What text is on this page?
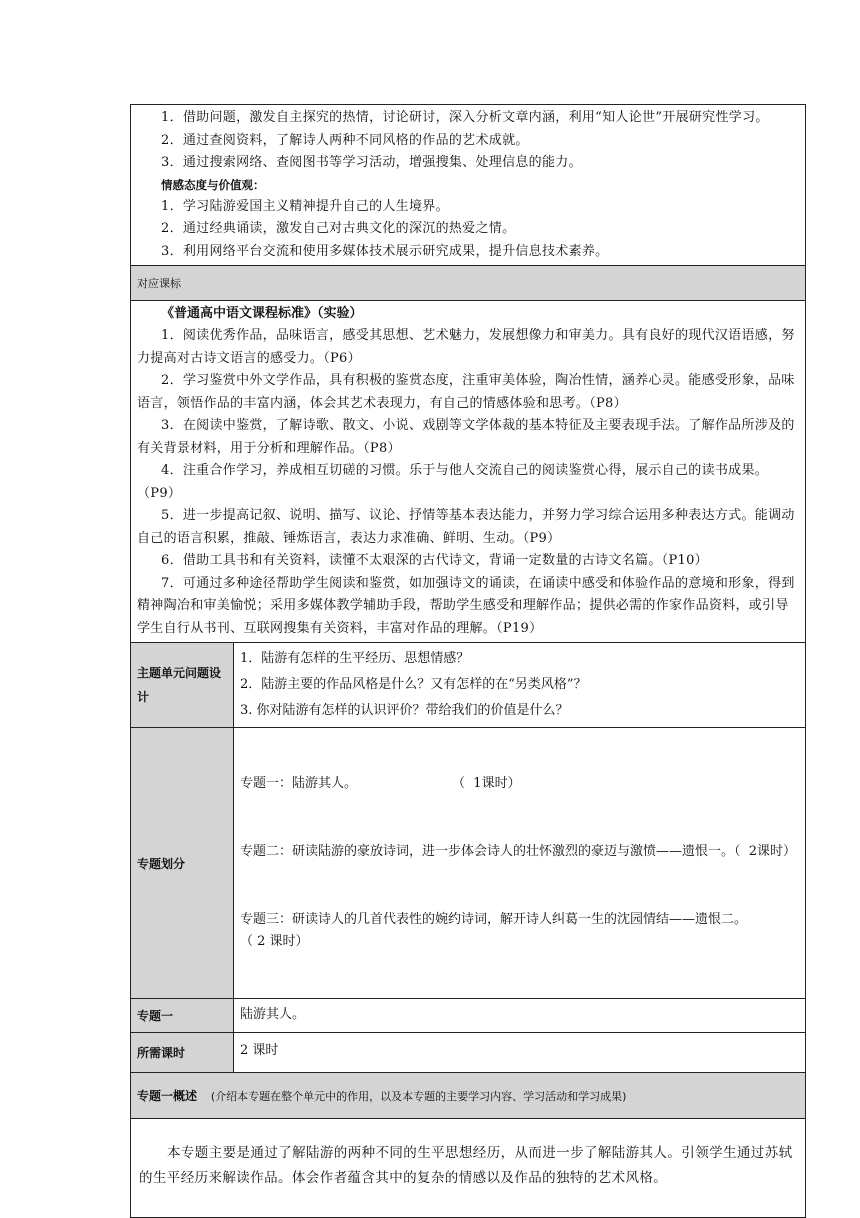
1．借助问题，激发自主探究的热情，讨论研讨，深入分析文章内涵，利用“知人论世”开展研究性学习。

2．通过查阅资料，了解诗人两种不同风格的作品的艺术成就。

3．通过搜索网络、查阅图书等学习活动，增强搜集、处理信息的能力。

情感态度与价值观：

1．学习陆游爱国主义精神提升自己的人生境界。

2．通过经典诵读，激发自己对古典文化的深沉的热爱之情。

3．利用网络平台交流和使用多媒体技术展示研究成果，提升信息技术素养。

对应课标

《普通高中语文课程标准》（实验）

1．阅读优秀作品，品味语言，感受其思想、艺术魅力，发展想像力和审美力。具有良好的现代汉语语感，努力提高对古诗文语言的感受力。（P6）

2．学习鉴赏中外文学作品，具有积极的鉴赏态度，注重审美体验，陶冶性情，涵养心灵。能感受形象，品味语言，领悟作品的丰富内涵，体会其艺术表现力，有自己的情感体验和思考。（P8）

3．在阅读中鉴赏，了解诗歌、散文、小说、戏剧等文学体裁的基本特征及主要表现手法。了解作品所涉及的有关背景材料，用于分析和理解作品。（P8）

4．注重合作学习，养成相互切磋的习惯。乐于与他人交流自己的阅读鉴赏心得，展示自己的读书成果。（P9）

5．进一步提高记叙、说明、描写、议论、抒情等基本表达能力，并努力学习综合运用多种表达方式。能调动自己的语言积累，推敲、锤炼语言，表达力求准确、鲜明、生动。（P9）

6．借助工具书和有关资料，读懂不太艰深的古代诗文，背诵一定数量的古诗文名篇。（P10）

7．可通过多种途径帮助学生阅读和鉴赏，如加强诗文的诵读，在诵读中感受和体验作品的意境和形象，得到精神陶冶和审美愉悦；采用多媒体教学辅助手段，帮助学生感受和理解作品；提供必需的作家作品资料，或引导学生自行从书刊、互联网搜集有关资料，丰富对作品的理解。（P19）

主题单元问题设计

1．陆游有怎样的生平经历、思想情感？

2．陆游主要的作品风格是什么？又有怎样的在“另类风格”？

3. 你对陆游有怎样的认识评价？带给我们的价值是什么？

专题划分

专题一：陆游其人。                       （  1课时）

专题二：研读陆游的豪放诗词，进一步体会诗人的壮怀激烈的豪迈与激愤——遗恨一。（  2课时）

专题三：研读诗人的几首代表性的婉约诗词，解开诗人纠葛一生的沈园情结——遗恨二。          （ 2 课时）

专题一	陆游其人。
所需课时	2 课时
专题一概述 (介绍本专题在整个单元中的作用，以及本专题的主要学习内容、学习活动和学习成果)

本专题主要是通过了解陆游的两种不同的生平思想经历，从而进一步了解陆游其人。引领学生通过苏轼的生平经历来解读作品。体会作者蕴含其中的复杂的情感以及作品的独特的艺术风格。
